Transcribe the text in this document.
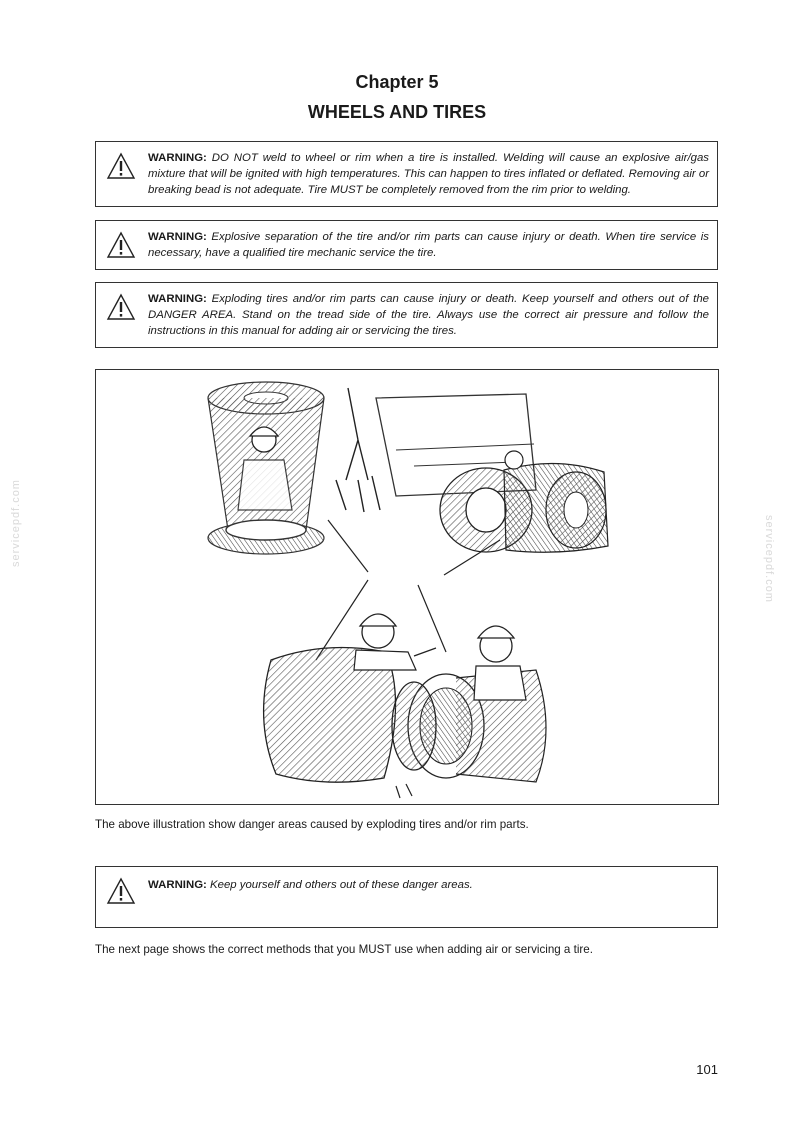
servicepdf.com	servicepdf.com
Chapter 5
WHEELS AND TIRES
WARNING: DO NOT weld to wheel or rim when a tire is installed. Welding will cause an explosive air/gas mixture that will be ignited with high temperatures. This can happen to tires inflated or deflated. Removing air or breaking bead is not adequate. Tire MUST be completely removed from the rim prior to welding.
WARNING: Explosive separation of the tire and/or rim parts can cause injury or death. When tire service is necessary, have a qualified tire mechanic service the tire.
WARNING: Exploding tires and/or rim parts can cause injury or death. Keep yourself and others out of the DANGER AREA. Stand on the tread side of the tire. Always use the correct air pressure and follow the instructions in this manual for adding air or servicing the tires.

The above illustration show danger areas caused by exploding tires and/or rim parts.

WARNING: Keep yourself and others out of these danger areas.

The next page shows the correct methods that you MUST use when adding air or servicing a tire.

101
